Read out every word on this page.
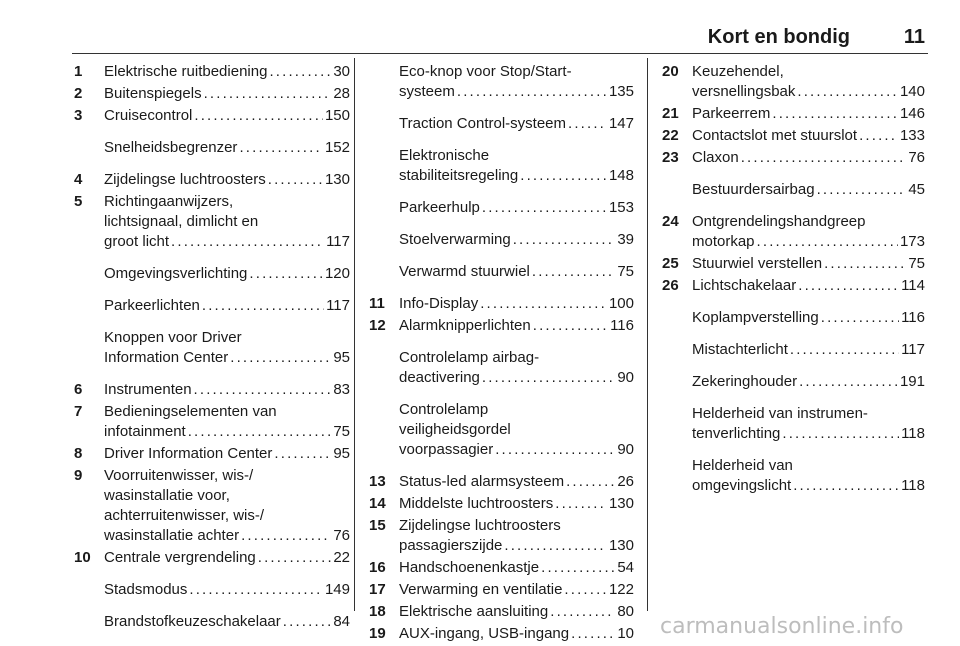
Kort en bondig	11
1	Elektrische ruitbediening . . .	30
2	Buitenspiegels . . .	28
3	Cruisecontrol . . .	150
Snelheidsbegrenzer . . .	152
4	Zijdelingse luchtroosters . . .	130
5	Richtingaanwijzers,
lichtsignaal, dimlicht en
groot licht . . .	117
Omgevingsverlichting . . .	120
Parkeerlichten . . .	117
Knoppen voor Driver
Information Center . . .	95
6	Instrumenten . . .	83
7	Bedieningselementen van
infotainment . . .	75
8	Driver Information Center . . .	95
9	Voorruitenwisser, wis-/
wasinstallatie voor,
achterruitenwisser, wis-/
wasinstallatie achter . . .	76
10 Centrale vergrendeling . . .	22
Stadsmodus . . .	149
Brandstofkeuzeschakelaar . . .	84
Eco-knop voor Stop/Start-
systeem . . .	135
Traction Control-systeem . . .	147
Elektronische
stabiliteitsregeling . . .	148
Parkeerhulp . . .	153
Stoelverwarming . . .	39
Verwarmd stuurwiel . . .	75
11 Info-Display . . .	100
12 Alarmknipperlichten . . .	116
Controlelamp airbag-
deactivering . . .	90
Controlelamp
veiligheidsgordel
voorpassagier . . .	90
13 Status-led alarmsysteem . . .	26
14 Middelste luchtroosters . . .	130
15 Zijdelingse luchtroosters
passagierszijde . . .	130
16 Handschoenenkastje . . .	54
17 Verwarming en ventilatie . . .	122
18 Elektrische aansluiting . . .	80
19 AUX-ingang, USB-ingang . . .	10
20 Keuzehendel,
versnellingsbak . . .	140
21 Parkeerrem . . .	146
22 Contactslot met stuurslot . . .	133
23 Claxon . . .	76
Bestuurdersairbag . . .	45
24 Ontgrendelingshandgreep
motorkap . . .	173
25 Stuurwiel verstellen . . .	75
26 Lichtschakelaar . . .	114
Koplampverstelling . . .	116
Mistachterlicht . . .	117
Zekeringhouder . . .	191
Helderheid van instrumen-
tenverlichting . . .	118
Helderheid van
omgevingslicht . . .	118
carmanualsonline.info
